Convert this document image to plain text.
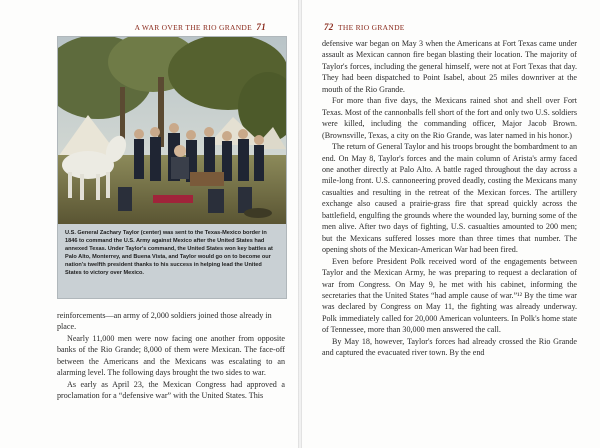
A WAR OVER THE RIO GRANDE 71
U.S. General Zachary Taylor (center) was sent to the Texas-Mexico border in 1846 to command the U.S. Army against Mexico after the United States had annexed Texas. Under Taylor's command, the United States won key battles at Palo Alto, Monterrey, and Buena Vista, and Taylor would go on to become our nation's twelfth president thanks to his success in helping lead the United States to victory over Mexico.

reinforcements—an army of 2,000 soldiers joined those already in place.

Nearly 11,000 men were now facing one another from opposite banks of the Rio Grande; 8,000 of them were Mexican. The face-off between the Americans and the Mexicans was escalating to an alarming level. The following days brought the two sides to war.

As early as April 23, the Mexican Congress had approved a proclamation for a “defensive war” with the United States. This

72 THE RIO GRANDE

defensive war began on May 3 when the Americans at Fort Texas came under assault as Mexican cannon fire began blasting their location. The majority of Taylor's forces, including the general himself, were not at Fort Texas that day. They had been dispatched to Point Isabel, about 25 miles downriver at the mouth of the Rio Grande.

For more than five days, the Mexicans rained shot and shell over Fort Texas. Most of the cannonballs fell short of the fort and only two U.S. soldiers were killed, including the commanding officer, Major Jacob Brown. (Brownsville, Texas, a city on the Rio Grande, was later named in his honor.)

The return of General Taylor and his troops brought the bombardment to an end. On May 8, Taylor's forces and the main column of Arista's army faced one another directly at Palo Alto. A battle raged throughout the day across a mile-long front. U.S. cannoneering proved deadly, costing the Mexicans many casualties and resulting in the retreat of the Mexican forces. The artillery exchange also caused a prairie-grass fire that spread quickly across the battlefield, engulfing the grounds where the wounded lay, burning some of the men alive. After two days of fighting, U.S. casualties amounted to 200 men; but the Mexicans suffered losses more than three times that number. The opening shots of the Mexican-American War had been fired.

Even before President Polk received word of the engagements between Taylor and the Mexican Army, he was preparing to request a declaration of war from Congress. On May 9, he met with his cabinet, informing the secretaries that the United States “had ample cause of war.”¹² By the time war was declared by Congress on May 11, the fighting was already underway. Polk immediately called for 20,000 American volunteers. In Polk's home state of Tennessee, more than 30,000 men answered the call.

By May 18, however, Taylor's forces had already crossed the Rio Grande and captured the evacuated river town. By the end
